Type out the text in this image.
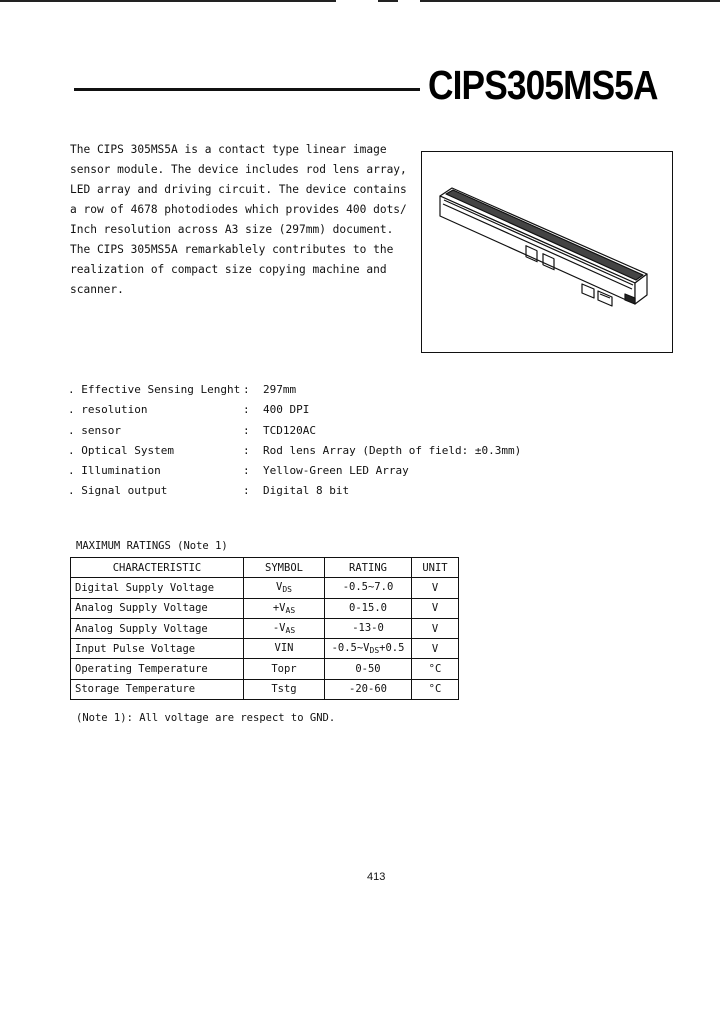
CIPS305MS5A
The CIPS 305MS5A is a contact type linear image
sensor module. The device includes rod lens array,
LED array and driving circuit. The device contains
a row of 4678 photodiodes which provides 400 dots/
Inch resolution across A3 size (297mm) document.
The CIPS 305MS5A remarkablely contributes to the
realization of compact size copying machine and
scanner.
. Effective Sensing Lenght : 297mm
. resolution	: 400 DPI
. sensor	: TCD120AC
. Optical System	: Rod lens Array (Depth of field: ±0.3mm)
. Illumination	: Yellow-Green LED Array
. Signal output	: Digital 8 bit
MAXIMUM RATINGS (Note 1)
CHARACTERISTIC	SYMBOL	RATING	UNIT
Digital Supply Voltage	$V_{DS}$	-0.5~7.0	V
Analog Supply Voltage	$+V_{AS}$	0-15.0	V
Analog Supply Voltage	$-V_{AS}$	-13-0	V
Input Pulse Voltage	VIN	$-0.5\sim V_{DS}+0.5$	V
Operating Temperature	Topr	0-50	°C
Storage Temperature	Tstg	-20-60	°C
(Note 1): All voltage are respect to GND.
413
